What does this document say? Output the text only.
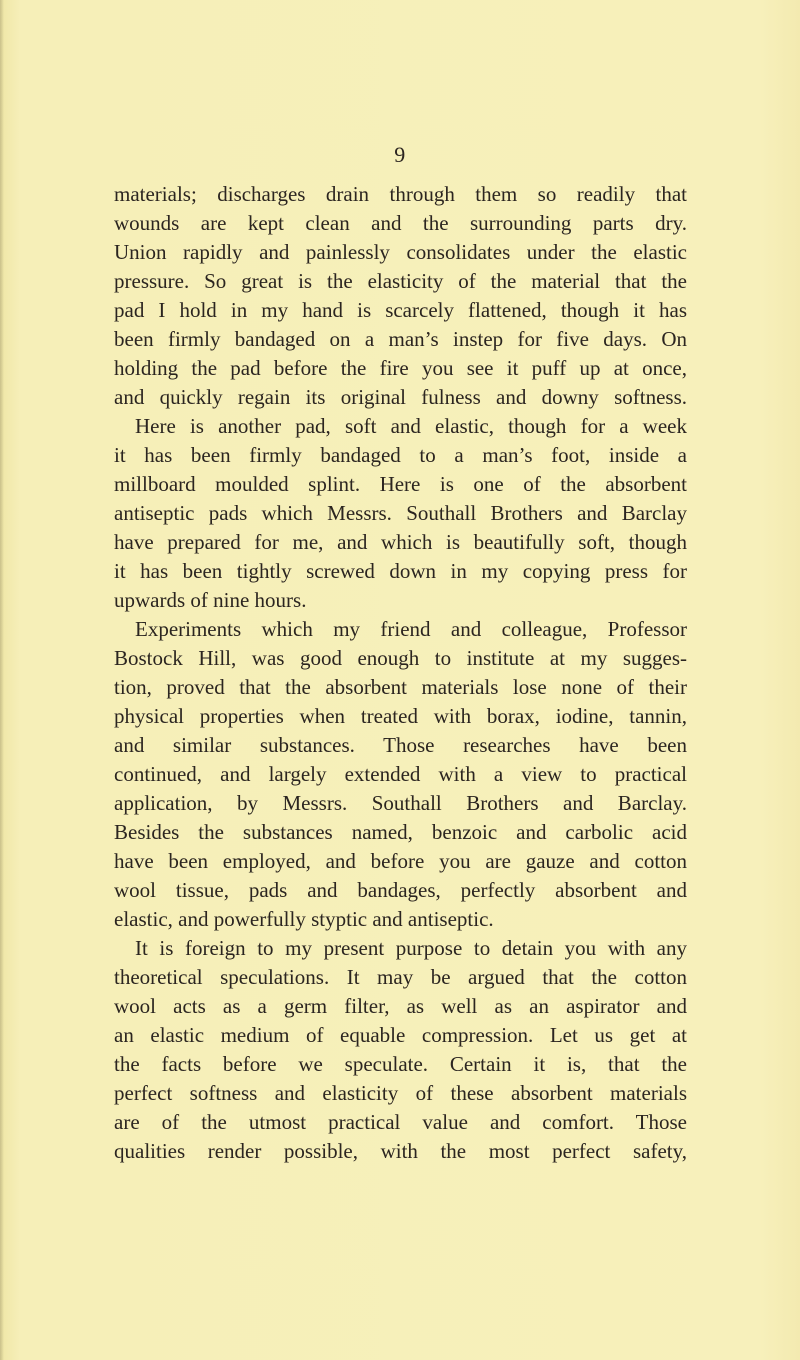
9
materials; discharges drain through them so readily that
wounds are kept clean and the surrounding parts dry.
Union rapidly and painlessly consolidates under the elastic
pressure. So great is the elasticity of the material that the
pad I hold in my hand is scarcely flattened, though it has
been firmly bandaged on a man’s instep for five days. On
holding the pad before the fire you see it puff up at once,
and quickly regain its original fulness and downy softness.
Here is another pad, soft and elastic, though for a week
it has been firmly bandaged to a man’s foot, inside a
millboard moulded splint. Here is one of the absorbent
antiseptic pads which Messrs. Southall Brothers and Barclay
have prepared for me, and which is beautifully soft, though
it has been tightly screwed down in my copying press for
upwards of nine hours.
Experiments which my friend and colleague, Professor
Bostock Hill, was good enough to institute at my sugges-
tion, proved that the absorbent materials lose none of their
physical properties when treated with borax, iodine, tannin,
and similar substances. Those researches have been
continued, and largely extended with a view to practical
application, by Messrs. Southall Brothers and Barclay.
Besides the substances named, benzoic and carbolic acid
have been employed, and before you are gauze and cotton
wool tissue, pads and bandages, perfectly absorbent and
elastic, and powerfully styptic and antiseptic.
It is foreign to my present purpose to detain you with any
theoretical speculations. It may be argued that the cotton
wool acts as a germ filter, as well as an aspirator and
an elastic medium of equable compression. Let us get at
the facts before we speculate. Certain it is, that the
perfect softness and elasticity of these absorbent materials
are of the utmost practical value and comfort. Those
qualities render possible, with the most perfect safety,
